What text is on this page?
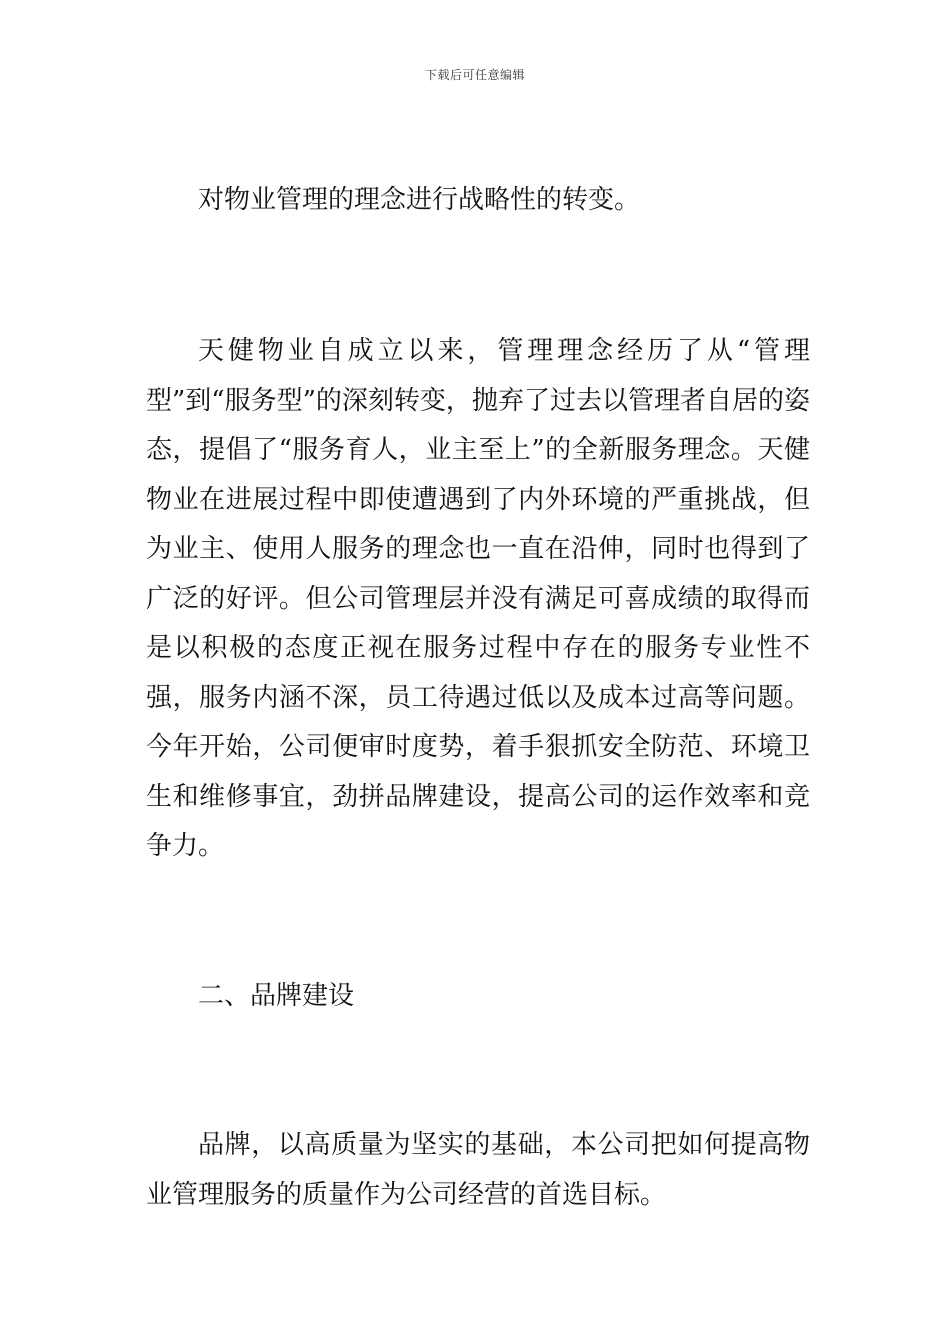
下载后可任意编辑

对物业管理的理念进行战略性的转变。

天健物业自成立以来，管理理念经历了从“管理型”到“服务型”的深刻转变，抛弃了过去以管理者自居的姿态，提倡了“服务育人，业主至上”的全新服务理念。天健物业在进展过程中即使遭遇到了内外环境的严重挑战，但为业主、使用人服务的理念也一直在沿伸，同时也得到了广泛的好评。但公司管理层并没有满足可喜成绩的取得而是以积极的态度正视在服务过程中存在的服务专业性不强，服务内涵不深，员工待遇过低以及成本过高等问题。今年开始，公司便审时度势，着手狠抓安全防范、环境卫生和维修事宜，劲拼品牌建设，提高公司的运作效率和竞争力。

二、品牌建设

品牌，以高质量为坚实的基础，本公司把如何提高物业管理服务的质量作为公司经营的首选目标。
